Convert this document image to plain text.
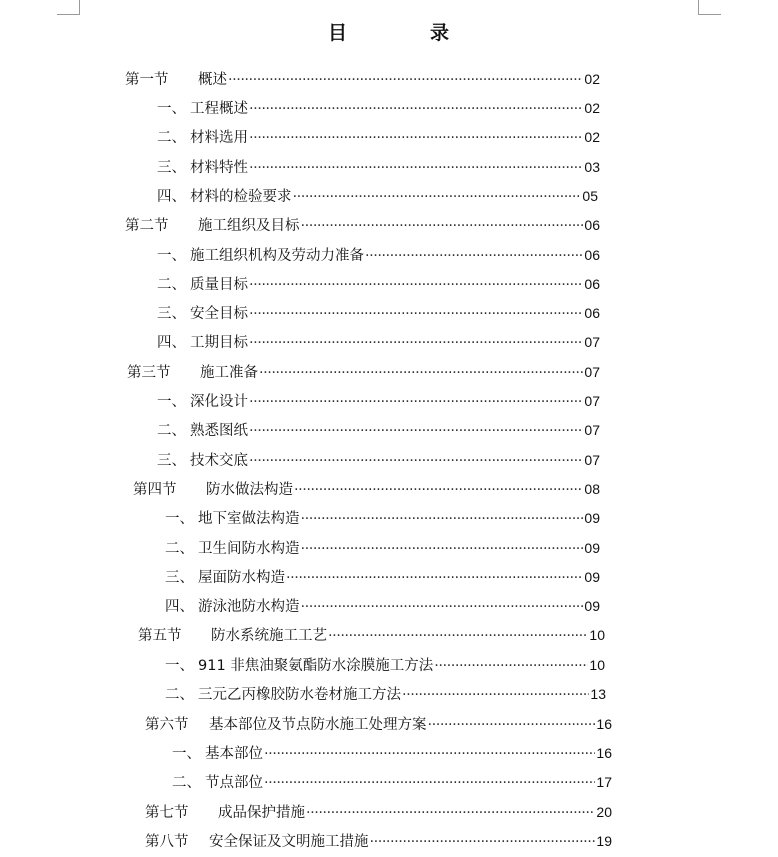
目	录
第一节	概述 ·····	02
一、 工程概述 ·····	02
二、 材料选用 ·····	02
三、 材料特性 ·····	03
四、 材料的检验要求 ·····	05
第二节	施工组织及目标 ·····	06
一、 施工组织机构及劳动力准备 ·····	06
二、 质量目标 ·····	06
三、 安全目标 ·····	06
四、 工期目标 ·····	07
第三节	施工准备 ·····	07
一、 深化设计 ·····	07
二、 熟悉图纸 ·····	07
三、 技术交底 ·····	07
第四节	防水做法构造 ·····	08
一、 地下室做法构造 ·····	09
二、 卫生间防水构造 ·····	09
三、 屋面防水构造 ·····	09
四、 游泳池防水构造 ·····	09
第五节	防水系统施工工艺 ·····	10
一、 911 非焦油聚氨酯防水涂膜施工方法 ·····	10
二、 三元乙丙橡胶防水卷材施工方法 ·····	13
第六节	基本部位及节点防水施工处理方案 ·····	16
一、 基本部位 ·····	16
二、 节点部位 ·····	17
第七节	成品保护措施 ·····	20
第八节	安全保证及文明施工措施 ·····	19
